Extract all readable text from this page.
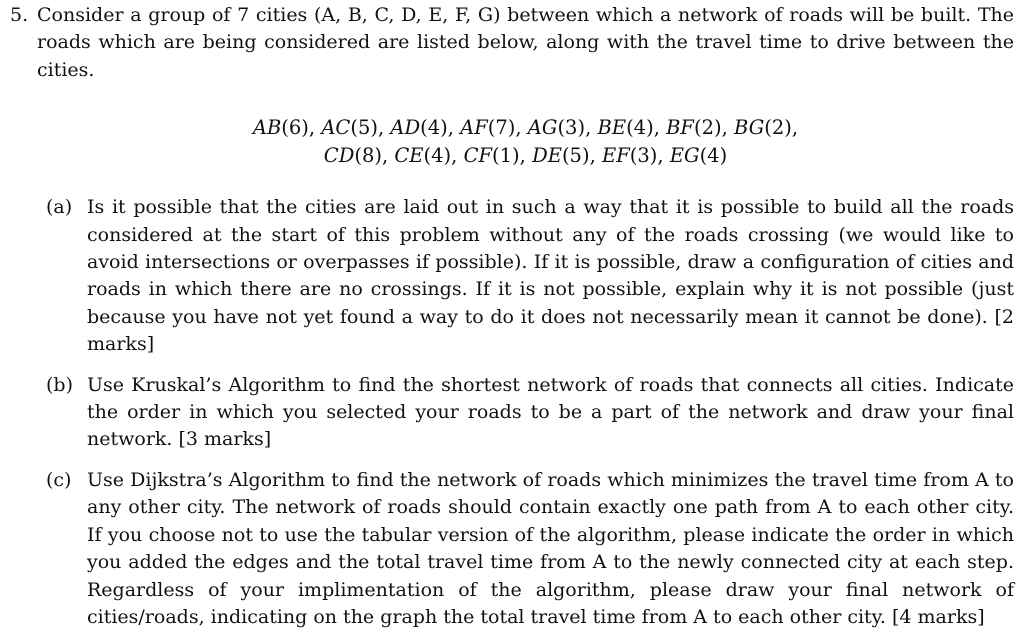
5. Consider a group of 7 cities (A, B, C, D, E, F, G) between which a network of roads will be built. The roads which are being considered are listed below, along with the travel time to drive between the cities.
AB(6), AC(5), AD(4), AF(7), AG(3), BE(4), BF(2), BG(2),
CD(8), CE(4), CF(1), DE(5), EF(3), EG(4)
(a) Is it possible that the cities are laid out in such a way that it is possible to build all the roads considered at the start of this problem without any of the roads crossing (we would like to avoid intersections or overpasses if possible). If it is possible, draw a configuration of cities and roads in which there are no crossings. If it is not possible, explain why it is not possible (just because you have not yet found a way to do it does not necessarily mean it cannot be done). [2 marks]
(b) Use Kruskal’s Algorithm to find the shortest network of roads that connects all cities. Indicate the order in which you selected your roads to be a part of the network and draw your final network. [3 marks]
(c) Use Dijkstra’s Algorithm to find the network of roads which minimizes the travel time from A to any other city. The network of roads should contain exactly one path from A to each other city. If you choose not to use the tabular version of the algorithm, please indicate the order in which you added the edges and the total travel time from A to the newly connected city at each step. Regardless of your implimentation of the algorithm, please draw your final network of cities/roads, indicating on the graph the total travel time from A to each other city. [4 marks]
